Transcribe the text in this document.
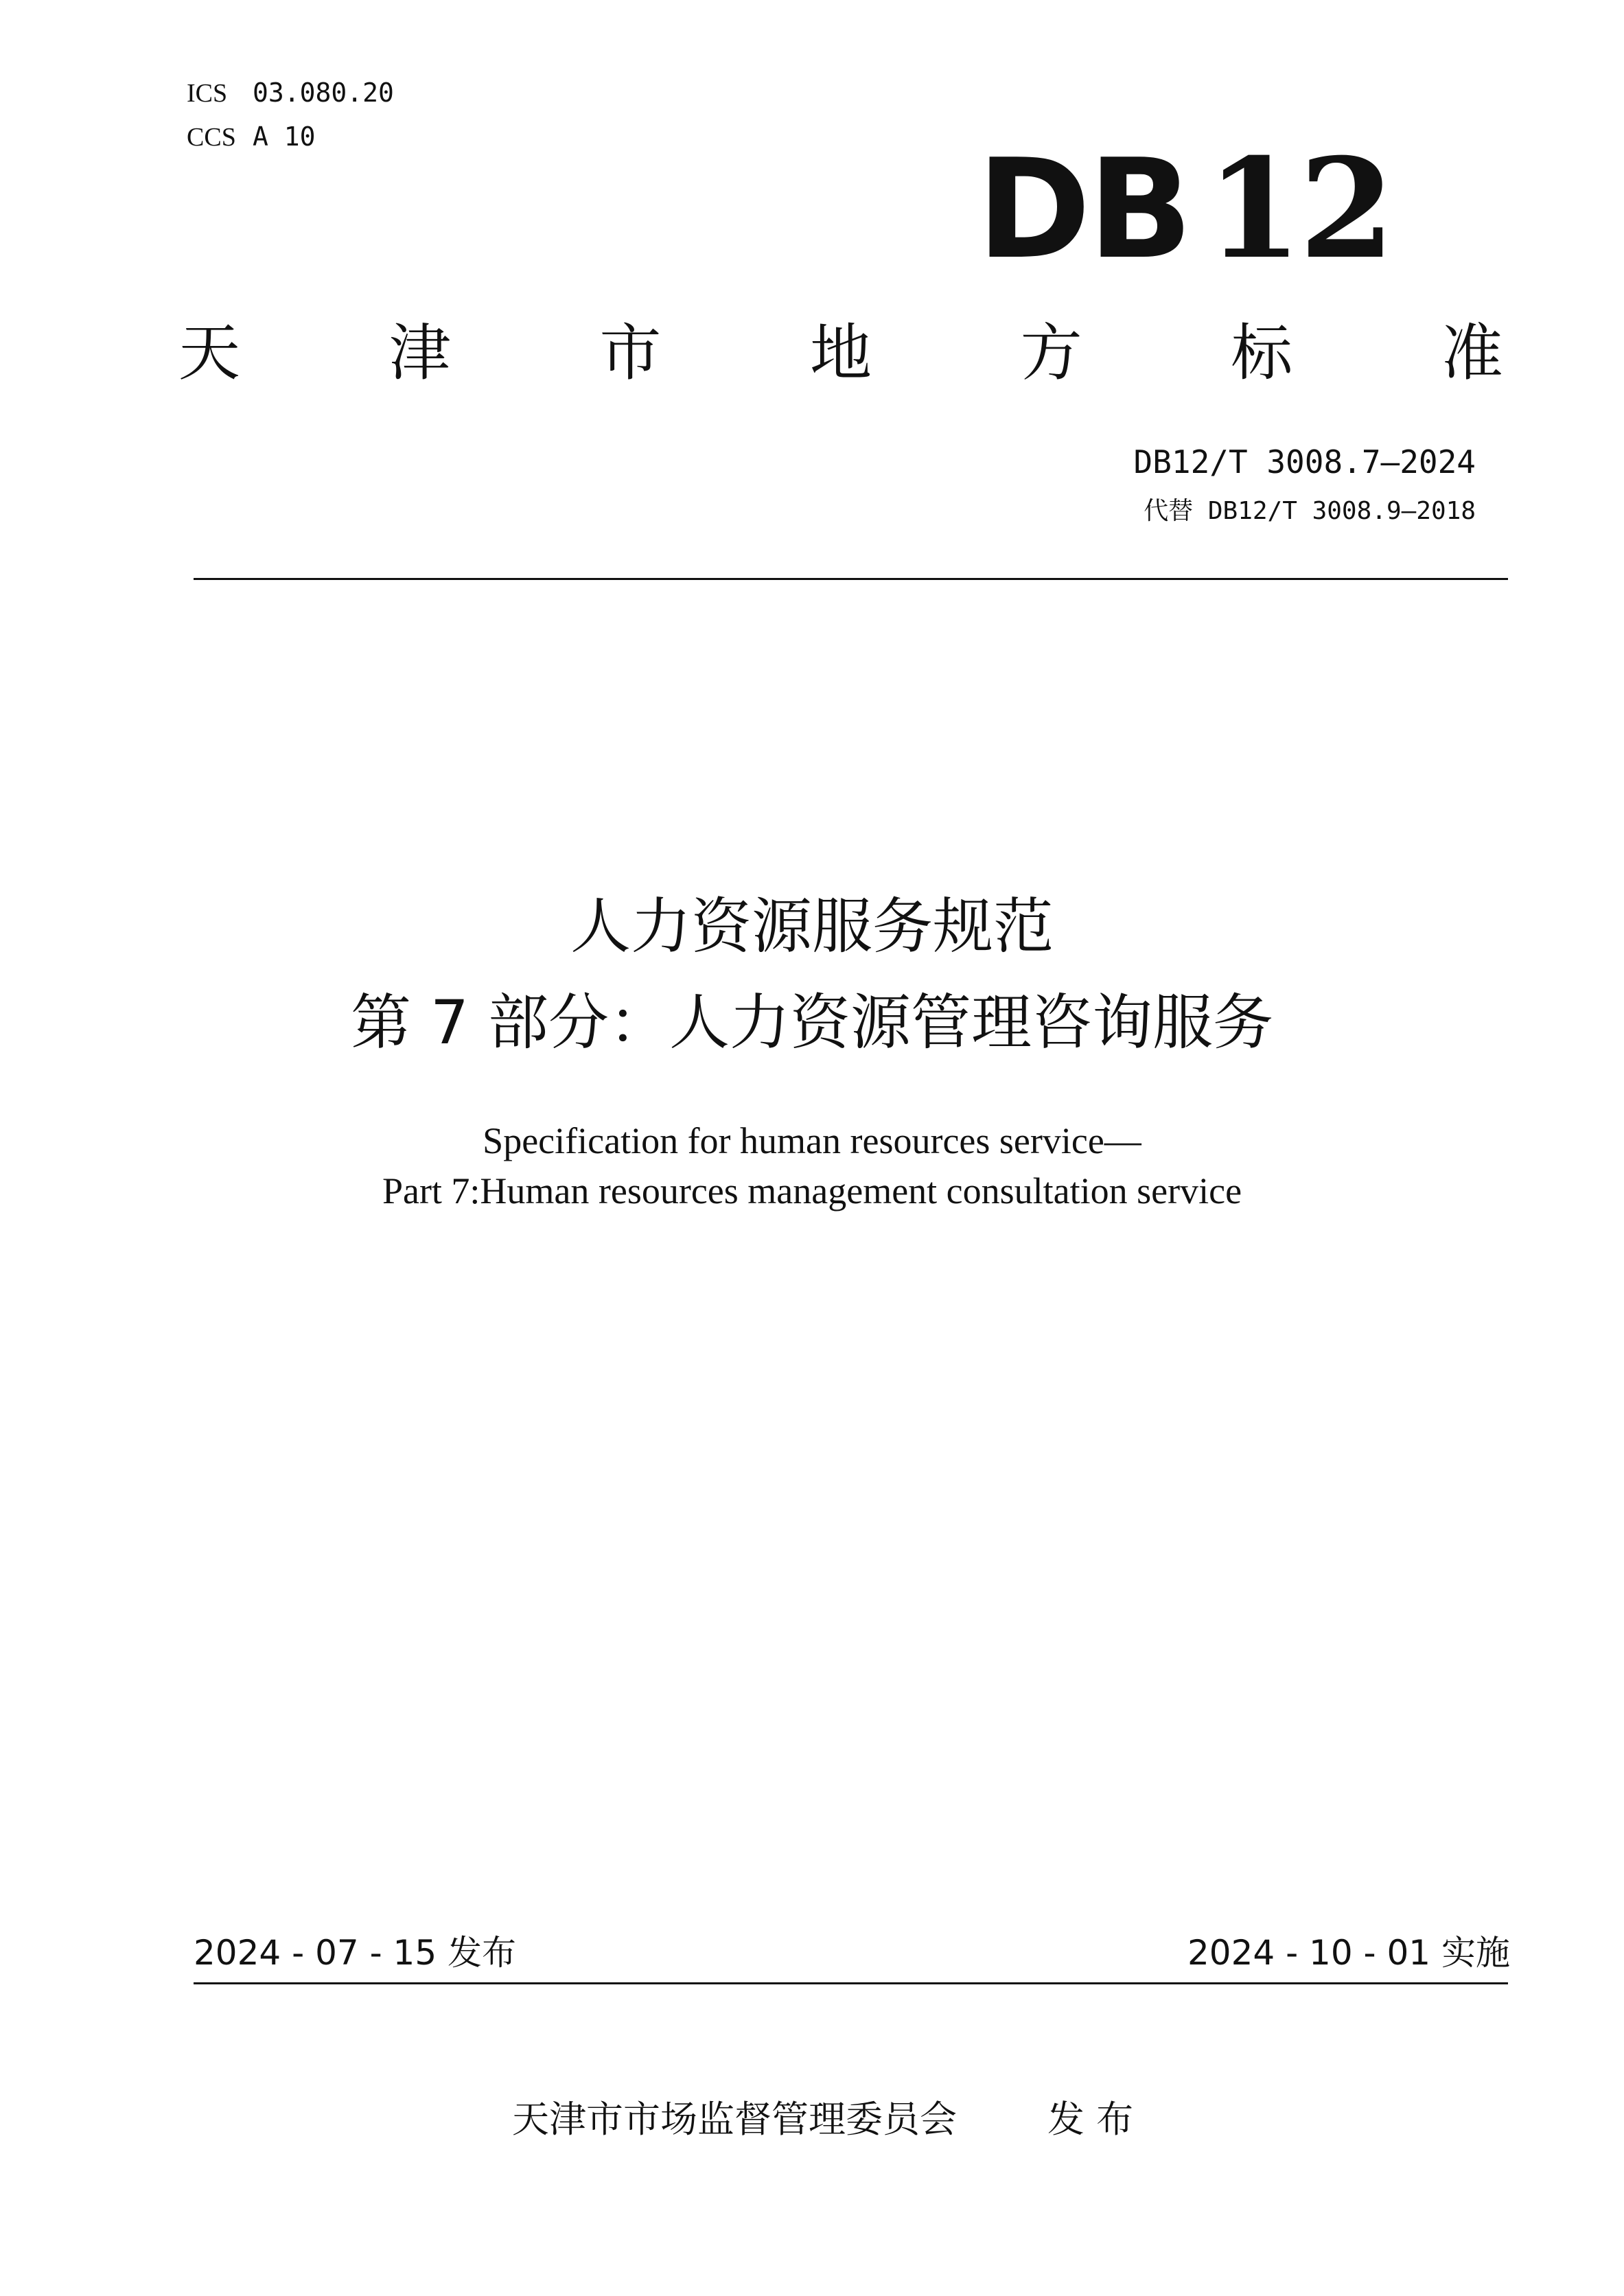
ICS 03.080.20
CCS A 10	DB 12
天 津 市 地 方 标 准
DB12/T 3008.7—2024
代替 DB12/T 3008.9—2018
人力资源服务规范
第 7 部分：人力资源管理咨询服务
Specification for human resources service—
Part 7:Human resources management consultation service
2024 - 07 - 15 发布	2024 - 10 - 01 实施
天津市市场监督管理委员会 发 布
